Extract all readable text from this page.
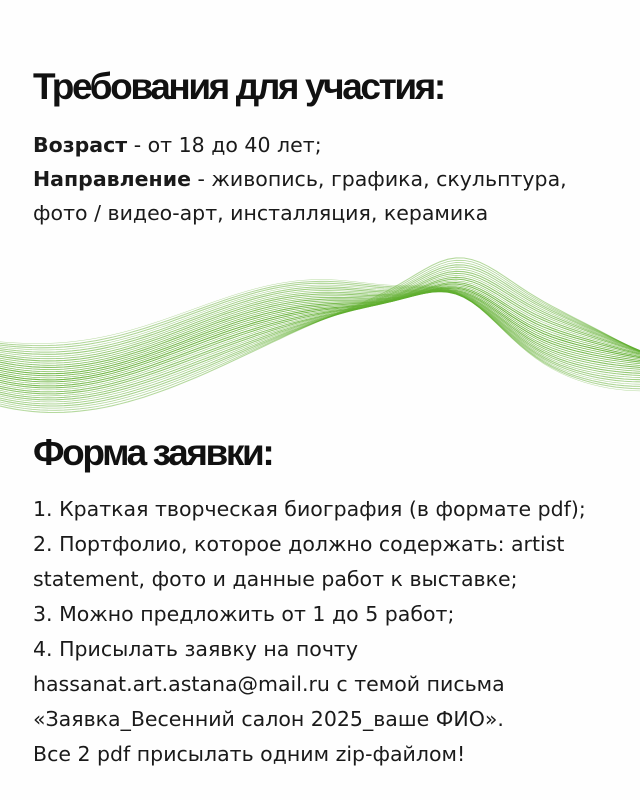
Требования для участия:
Возраст - от 18 до 40 лет;
Направление - живопись, графика, скульптура,
фото / видео-арт, инсталляция, керамика
Форма заявки:
1. Краткая творческая биография (в формате pdf);
2. Портфолио, которое должно содержать: artist
statement, фото и данные работ к выставке;
3. Можно предложить от 1 до 5 работ;
4. Присылать заявку на почту
hassanat.art.astana@mail.ru с темой письма
«Заявка_Весенний салон 2025_ваше ФИО».
Все 2 pdf присылать одним zip-файлом!
